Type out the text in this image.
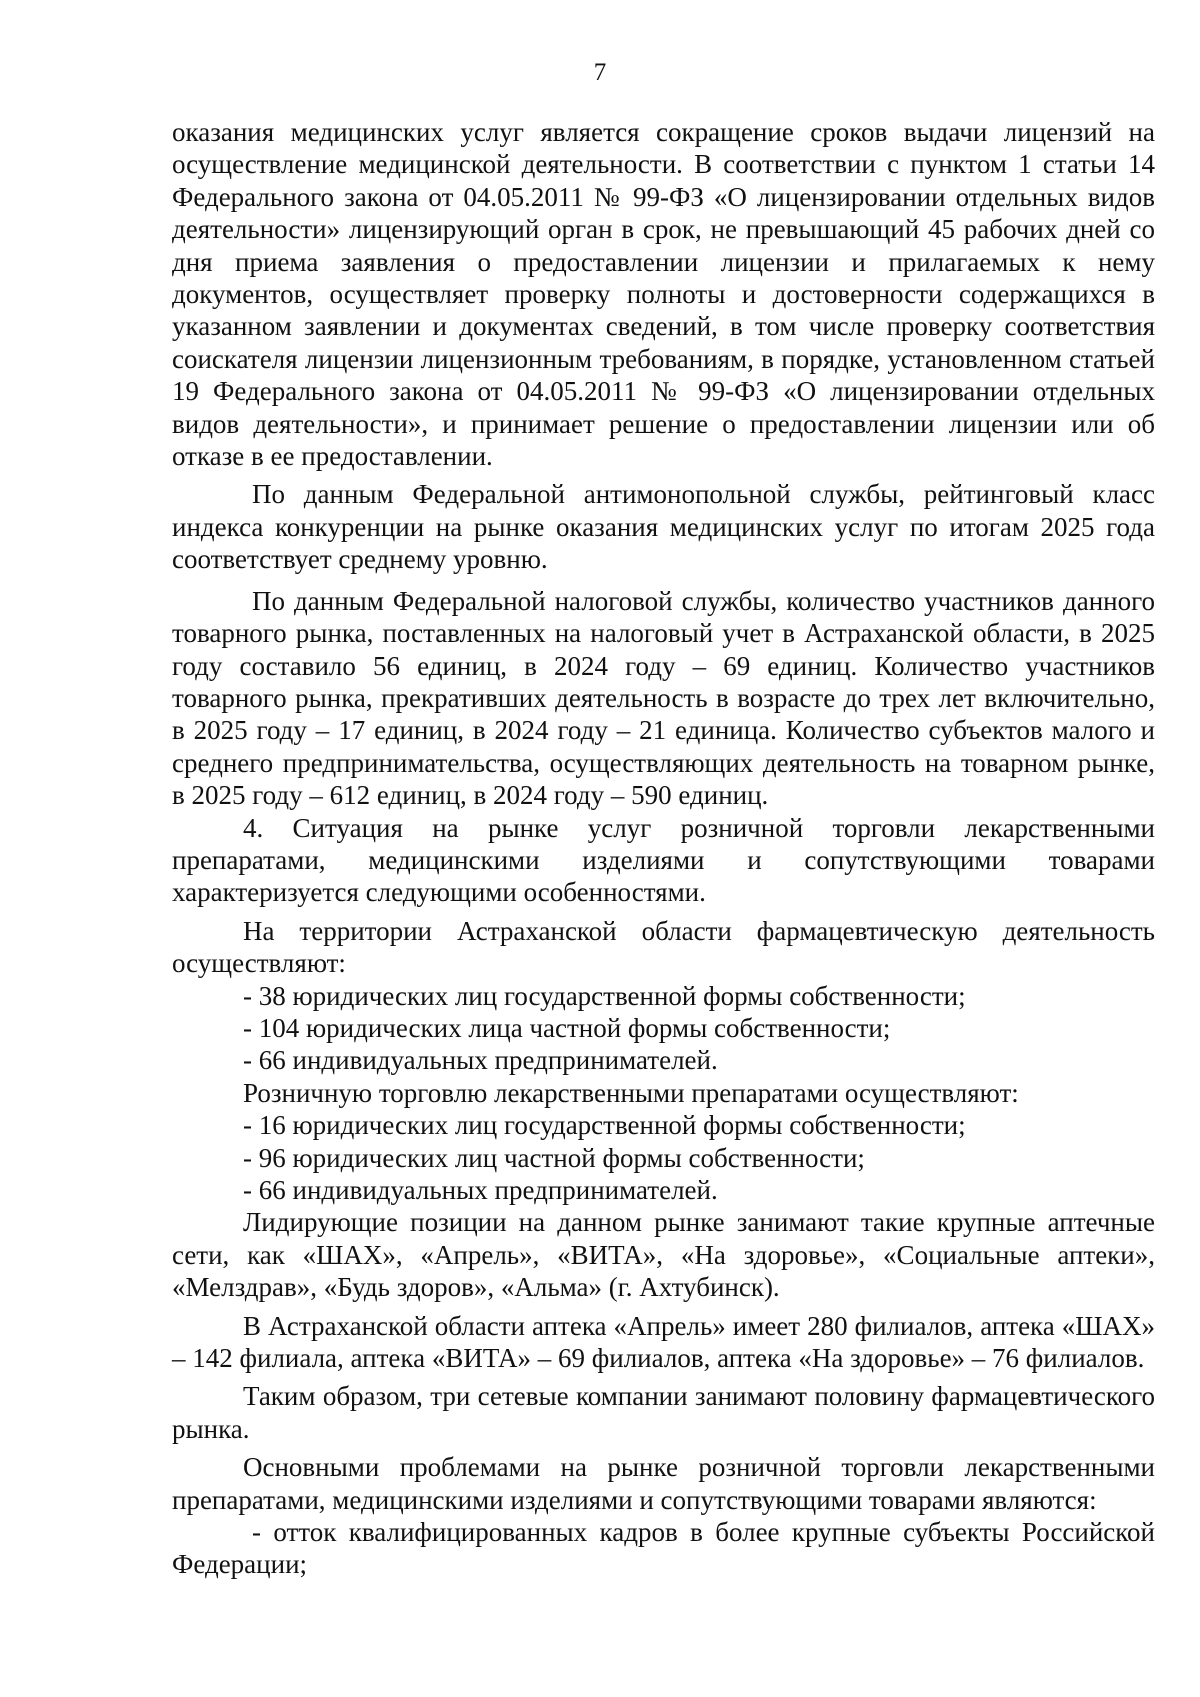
7

оказания медицинских услуг является сокращение сроков выдачи лицензий на осуществление медицинской деятельности. В соответствии с пунктом 1 статьи 14 Федерального закона от 04.05.2011 № 99-ФЗ «О лицензировании отдельных видов деятельности» лицензирующий орган в срок, не превышающий 45 рабочих дней со дня приема заявления о предоставлении лицензии и прилагаемых к нему документов, осуществляет проверку полноты и достоверности содержащихся в указанном заявлении и документах сведений, в том числе проверку соответствия соискателя лицензии лицензионным требованиям, в порядке, установленном статьей 19 Федерального закона от 04.05.2011 № 99-ФЗ «О лицензировании отдельных видов деятельности», и принимает решение о предоставлении лицензии или об отказе в ее предоставлении.

По данным Федеральной антимонопольной службы, рейтинговый класс индекса конкуренции на рынке оказания медицинских услуг по итогам 2025 года соответствует среднему уровню.

По данным Федеральной налоговой службы, количество участников данного товарного рынка, поставленных на налоговый учет в Астраханской области, в 2025 году составило 56 единиц, в 2024 году – 69 единиц. Количество участников товарного рынка, прекративших деятельность в возрасте до трех лет включительно, в 2025 году – 17 единиц, в 2024 году – 21 единица. Количество субъектов малого и среднего предпринимательства, осуществляющих деятельность на товарном рынке, в 2025 году – 612 единиц, в 2024 году – 590 единиц.

4. Ситуация на рынке услуг розничной торговли лекарственными препаратами, медицинскими изделиями и сопутствующими товарами характеризуется следующими особенностями.

На территории Астраханской области фармацевтическую деятельность осуществляют:

- 38 юридических лиц государственной формы собственности;

- 104 юридических лица частной формы собственности;

- 66 индивидуальных предпринимателей.

Розничную торговлю лекарственными препаратами осуществляют:

- 16 юридических лиц государственной формы собственности;

- 96 юридических лиц частной формы собственности;

- 66 индивидуальных предпринимателей.

Лидирующие позиции на данном рынке занимают такие крупные аптечные сети, как «ШАХ», «Апрель», «ВИТА», «На здоровье», «Социальные аптеки», «Мелздрав», «Будь здоров», «Альма» (г. Ахтубинск).

В Астраханской области аптека «Апрель» имеет 280 филиалов, аптека «ШАХ» – 142 филиала, аптека «ВИТА» – 69 филиалов, аптека «На здоровье» – 76 филиалов.

Таким образом, три сетевые компании занимают половину фармацевтического рынка.

Основными проблемами на рынке розничной торговли лекарственными препаратами, медицинскими изделиями и сопутствующими товарами являются:

- отток квалифицированных кадров в более крупные субъекты Российской Федерации;
